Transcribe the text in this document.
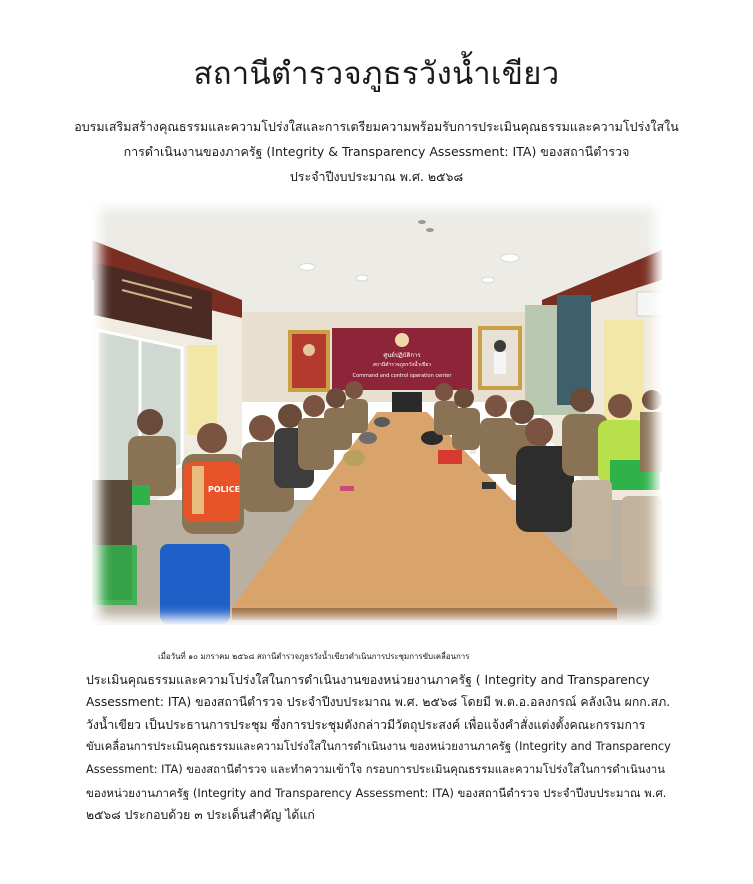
สถานีตำรวจภูธรวังน้ำเขียว
อบรมเสริมสร้างคุณธรรมและความโปร่งใสและการเตรียมความพร้อมรับการประเมินคุณธรรมและความโปร่งใสใน
การดำเนินงานของภาครัฐ (Integrity & Transparency Assessment: ITA) ของสถานีตำรวจ
ประจำปีงบประมาณ พ.ศ. ๒๕๖๘
ศูนย์ปฏิบัติการ
สถานีตำรวจภูธรวังน้ำเขียว
Command and control operation center
POLICE
เมื่อวันที่ ๑๐ มกราคม ๒๕๖๘ สถานีตำรวจภูธรวังน้ำเขียวดำเนินการประชุมการขับเคลื่อนการ
ประเมินคุณธรรมและความโปร่งใสในการดำเนินงานของหน่วยงานภาครัฐ ( Integrity and Transparency
Assessment: ITA) ของสถานีตำรวจ ประจำปีงบประมาณ พ.ศ. ๒๕๖๘ โดยมี พ.ต.อ.อลงกรณ์ คลังเงิน ผกก.สภ.
วังน้ำเขียว เป็นประธานการประชุม ซึ่งการประชุมดังกล่าวมีวัตถุประสงค์ เพื่อแจ้งคำสั่งแต่งตั้งคณะกรรมการ
ขับเคลื่อนการประเมินคุณธรรมและความโปร่งใสในการดำเนินงาน ของหน่วยงานภาครัฐ (Integrity and Transparency
Assessment: ITA) ของสถานีตำรวจ และทำความเข้าใจ กรอบการประเมินคุณธรรมและความโปร่งใสในการดำเนินงาน
ของหน่วยงานภาครัฐ (Integrity and Transparency Assessment: ITA) ของสถานีตำรวจ ประจำปีงบประมาณ พ.ศ.
๒๕๖๘ ประกอบด้วย ๓ ประเด็นสำคัญ ได้แก่
